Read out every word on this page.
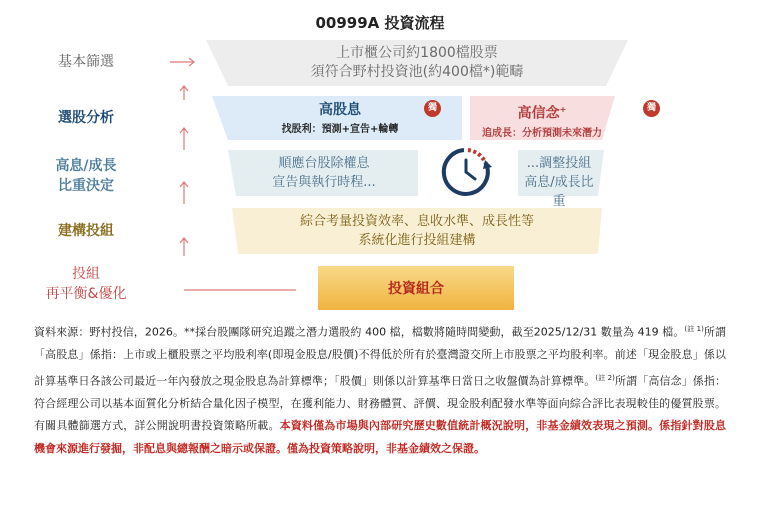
00999A 投資流程
基本篩選
選股分析
高息/成長
比重決定
建構投組
投組
再平衡&優化
上市櫃公司約1800檔股票
須符合野村投資池(約400檔*)範疇
高股息
找股利：預測+宣告+輪轉
獨	高信念+
追成長：分析預測未來潛力
獨
順應台股除權息
宣告與執行時程...
...調整投組
高息/成長比重
綜合考量投資效率、息收水準、成長性等
系統化進行投組建構
投資組合
資料來源：野村投信，2026。**採台股團隊研究追蹤之潛力選股約 400 檔，檔數將隨時間變動，截至2025/12/31 數量為 419 檔。$^{(註 1)}$所謂「高股息」係指：上市或上櫃股票之平均股利率(即現金股息/股價)不得低於所有於臺灣證交所上市股票之平均股利率。前述「現金股息」係以計算基準日各該公司最近一年內發放之現金股息為計算標準；「股價」則係以計算基準日當日之收盤價為計算標準。$^{(註 2)}$所謂「高信念」係指：符合經理公司以基本面質化分析結合量化因子模型，在獲利能力、財務體質、評價、現金股利配發水準等面向綜合評比表現較佳的優質股票。有關具體篩選方式，詳公開說明書投資策略所載。本資料僅為市場與內部研究歷史數值統計概況說明，非基金績效表現之預測。係指針對股息機會來源進行發掘，非配息與總報酬之暗示或保證。僅為投資策略說明，非基金績效之保證。
